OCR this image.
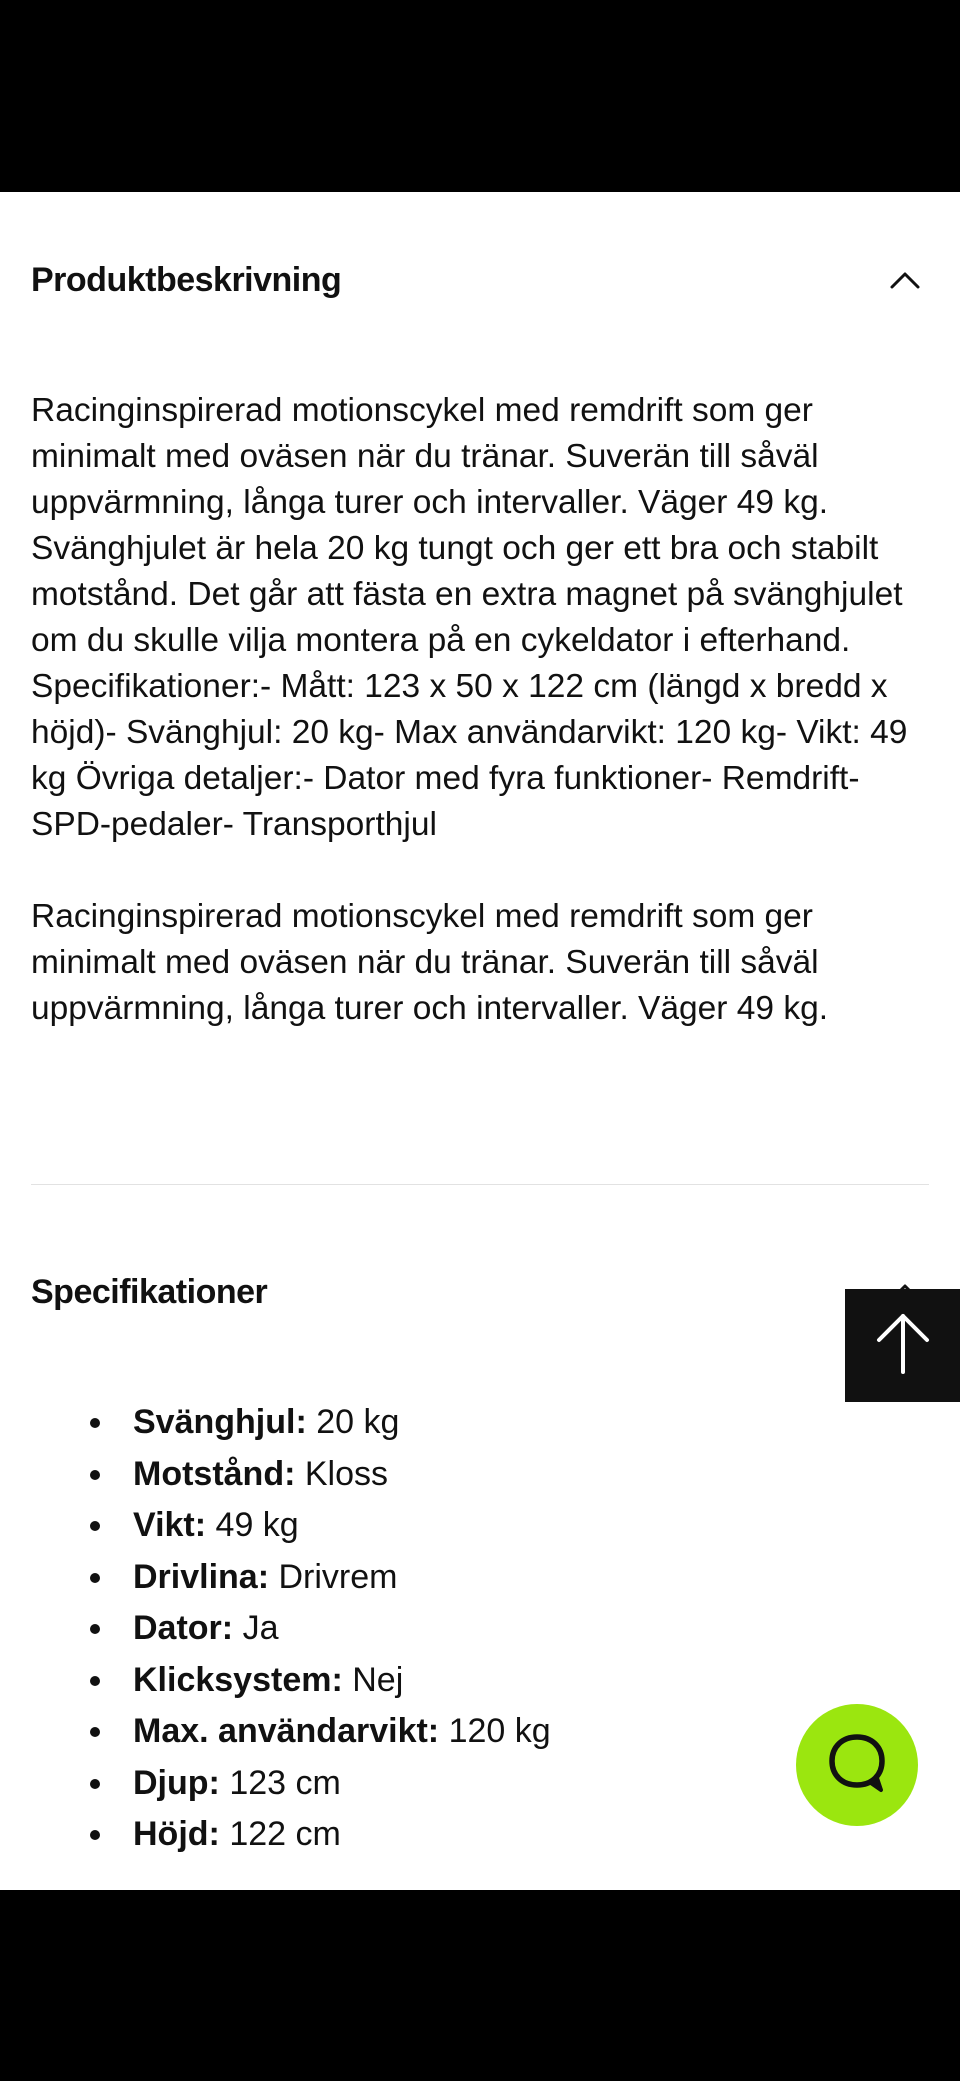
Produktbeskrivning

Racinginspirerad motionscykel med remdrift som ger minimalt med oväsen när du tränar. Suverän till såväl uppvärmning, långa turer och intervaller. Väger 49 kg. Svänghjulet är hela 20 kg tungt och ger ett bra och stabilt motstånd. Det går att fästa en extra magnet på svänghjulet om du skulle vilja montera på en cykeldator i efterhand. Specifikationer:- Mått: 123 x 50 x 122 cm (längd x bredd x höjd)- Svänghjul: 20 kg- Max användarvikt: 120 kg- Vikt: 49 kg Övriga detaljer:- Dator med fyra funktioner- Remdrift- SPD-pedaler- Transporthjul

Racinginspirerad motionscykel med remdrift som ger minimalt med oväsen när du tränar. Suverän till såväl uppvärmning, långa turer och intervaller. Väger 49 kg.

Specifikationer
Svänghjul: 20 kg
Motstånd: Kloss
Vikt: 49 kg
Drivlina: Drivrem
Dator: Ja
Klicksystem: Nej
Max. användarvikt: 120 kg
Djup: 123 cm
Höjd: 122 cm
